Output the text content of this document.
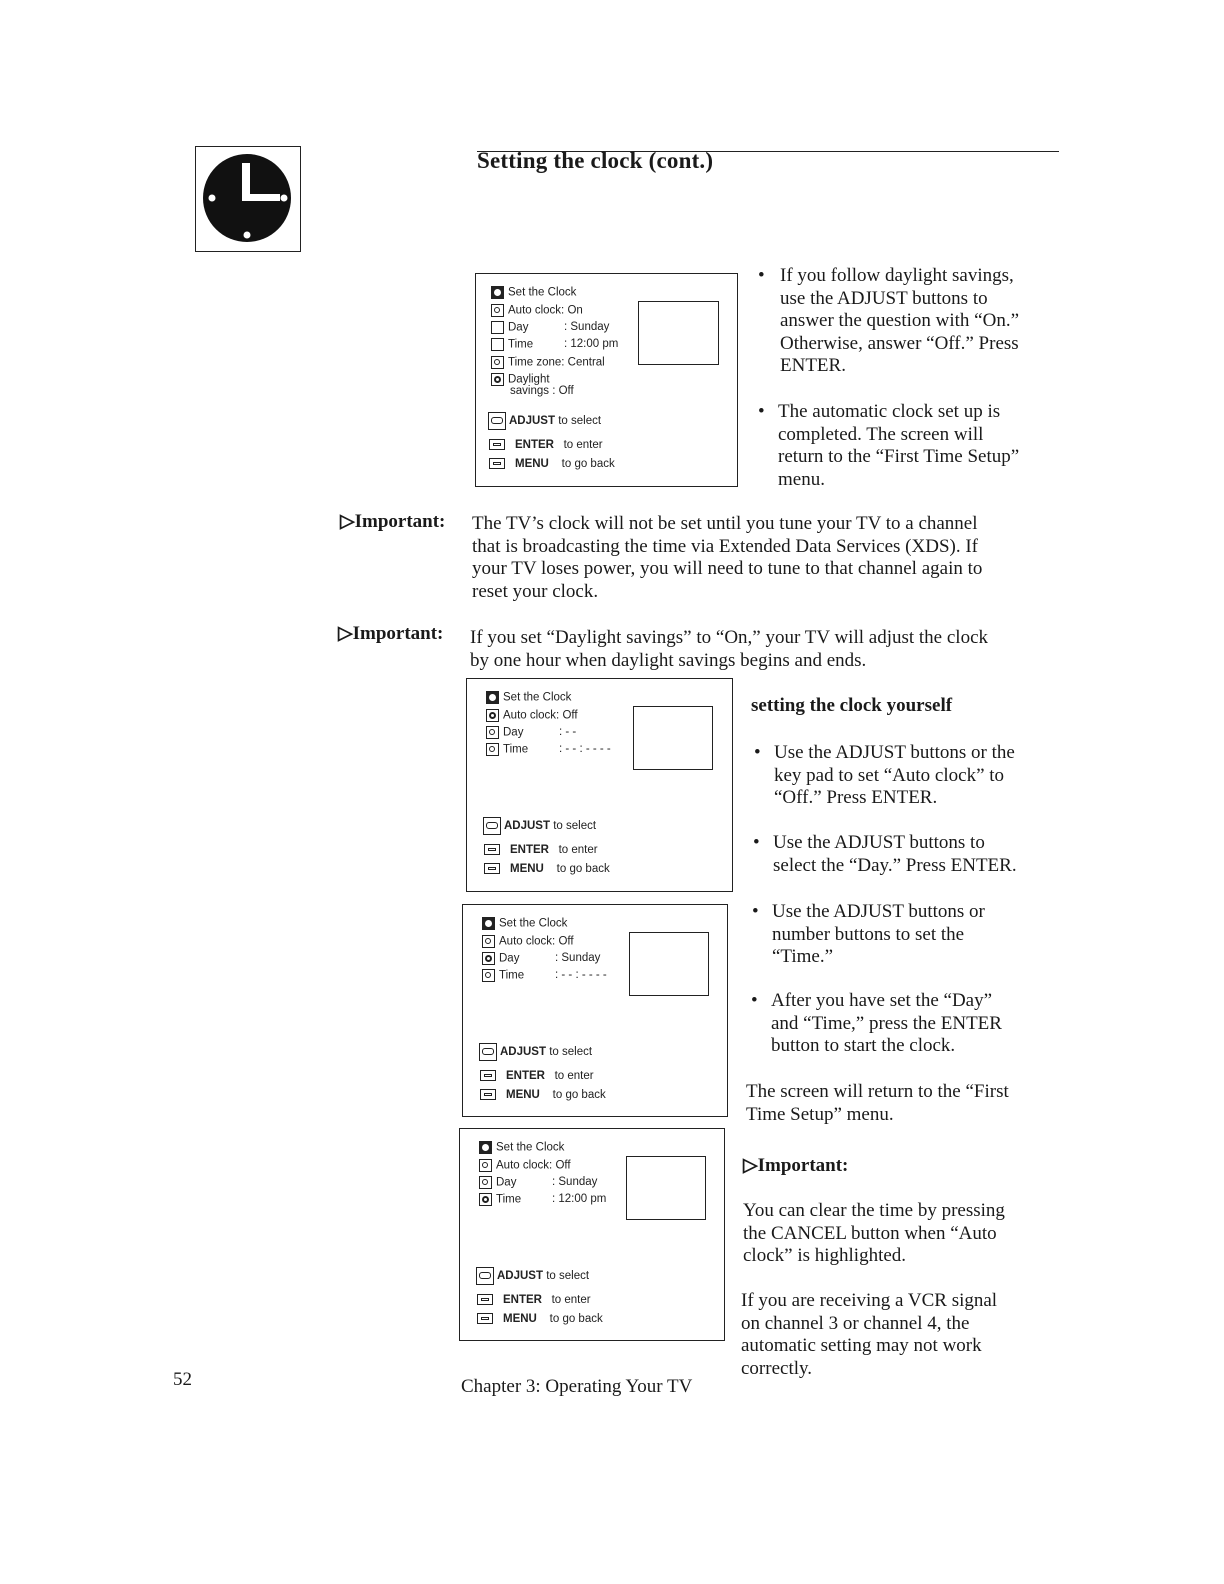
Setting the clock (cont.)
Set the Clock
Auto clock: On
Day	: Sunday
Time	: 12:00 pm
Time zone: Central
Daylight
savings : Off
ADJUST to select
ENTER to enter
MENU to go back
• If you follow daylight savings,
use the ADJUST buttons to
answer the question with “On.”
Otherwise, answer “Off.” Press
ENTER.
• The automatic clock set up is
completed. The screen will
return to the “First Time Setup”
menu.
▷Important: The TV’s clock will not be set until you tune your TV to a channel
that is broadcasting the time via Extended Data Services (XDS). If
your TV loses power, you will need to tune to that channel again to
reset your clock.
▷Important: If you set “Daylight savings” to “On,” your TV will adjust the clock
by one hour when daylight savings begins and ends.
Set the Clock
Auto clock: Off
Day	: - -
Time	: - - : - - - -
ADJUST to select
ENTER to enter
MENU to go back
Set the Clock
Auto clock: Off
Day	: Sunday
Time	: - - : - - - -
ADJUST to select
ENTER to enter
MENU to go back
Set the Clock
Auto clock: Off
Day	: Sunday
Time	: 12:00 pm
ADJUST to select
ENTER to enter
MENU to go back
setting the clock yourself
• Use the ADJUST buttons or the
key pad to set “Auto clock” to
“Off.” Press ENTER.
• Use the ADJUST buttons to
select the “Day.” Press ENTER.
• Use the ADJUST buttons or
number buttons to set the
“Time.”
• After you have set the “Day”
and “Time,” press the ENTER
button to start the clock.
The screen will return to the “First
Time Setup” menu.
▷Important:
You can clear the time by pressing
the CANCEL button when “Auto
clock” is highlighted.
If you are receiving a VCR signal
on channel 3 or channel 4, the
automatic setting may not work
correctly.
52	Chapter 3: Operating Your TV
